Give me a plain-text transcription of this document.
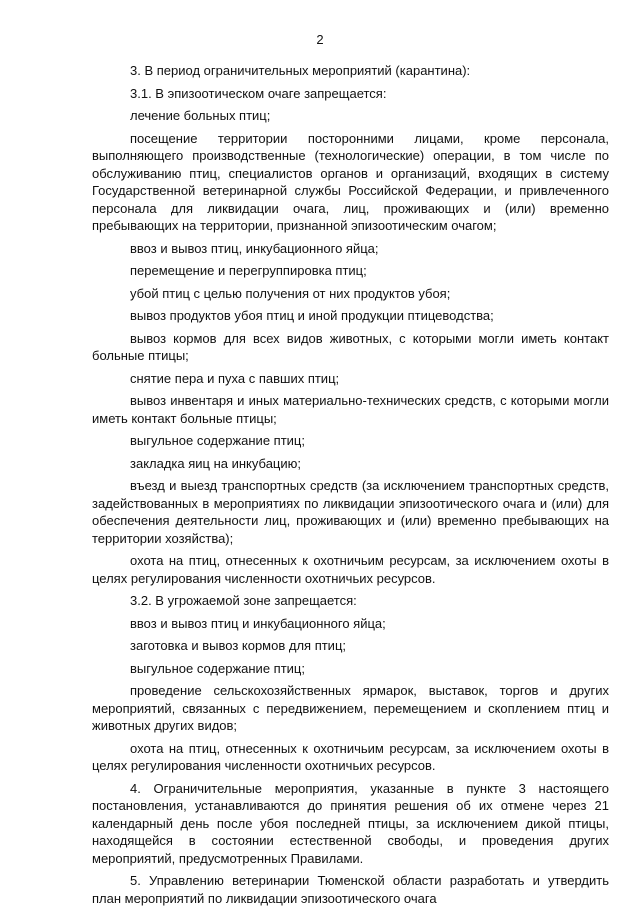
2

3. В период ограничительных мероприятий (карантина):

3.1. В эпизоотическом очаге запрещается:

лечение больных птиц;

посещение территории посторонними лицами, кроме персонала, выполняющего производственные (технологические) операции, в том числе по обслуживанию птиц, специалистов органов и организаций, входящих в систему Государственной ветеринарной службы Российской Федерации, и привлеченного персонала для ликвидации очага, лиц, проживающих и (или) временно пребывающих на территории, признанной эпизоотическим очагом;

ввоз и вывоз птиц, инкубационного яйца;

перемещение и перегруппировка птиц;

убой птиц с целью получения от них продуктов убоя;

вывоз продуктов убоя птиц и иной продукции птицеводства;

вывоз кормов для всех видов животных, с которыми могли иметь контакт больные птицы;

снятие пера и пуха с павших птиц;

вывоз инвентаря и иных материально-технических средств, с которыми могли иметь контакт больные птицы;

выгульное содержание птиц;

закладка яиц на инкубацию;

въезд и выезд транспортных средств (за исключением транспортных средств, задействованных в мероприятиях по ликвидации эпизоотического очага и (или) для обеспечения деятельности лиц, проживающих и (или) временно пребывающих на территории хозяйства);

охота на птиц, отнесенных к охотничьим ресурсам, за исключением охоты в целях регулирования численности охотничьих ресурсов.

3.2. В угрожаемой зоне запрещается:

ввоз и вывоз птиц и инкубационного яйца;

заготовка и вывоз кормов для птиц;

выгульное содержание птиц;

проведение сельскохозяйственных ярмарок, выставок, торгов и других мероприятий, связанных с передвижением, перемещением и скоплением птиц и животных других видов;

охота на птиц, отнесенных к охотничьим ресурсам, за исключением охоты в целях регулирования численности охотничьих ресурсов.

4. Ограничительные мероприятия, указанные в пункте 3 настоящего постановления, устанавливаются до принятия решения об их отмене через 21 календарный день после убоя последней птицы, за исключением дикой птицы, находящейся в состоянии естественной свободы, и проведения других мероприятий, предусмотренных Правилами.

5. Управлению ветеринарии Тюменской области разработать и утвердить план мероприятий по ликвидации эпизоотического очага
